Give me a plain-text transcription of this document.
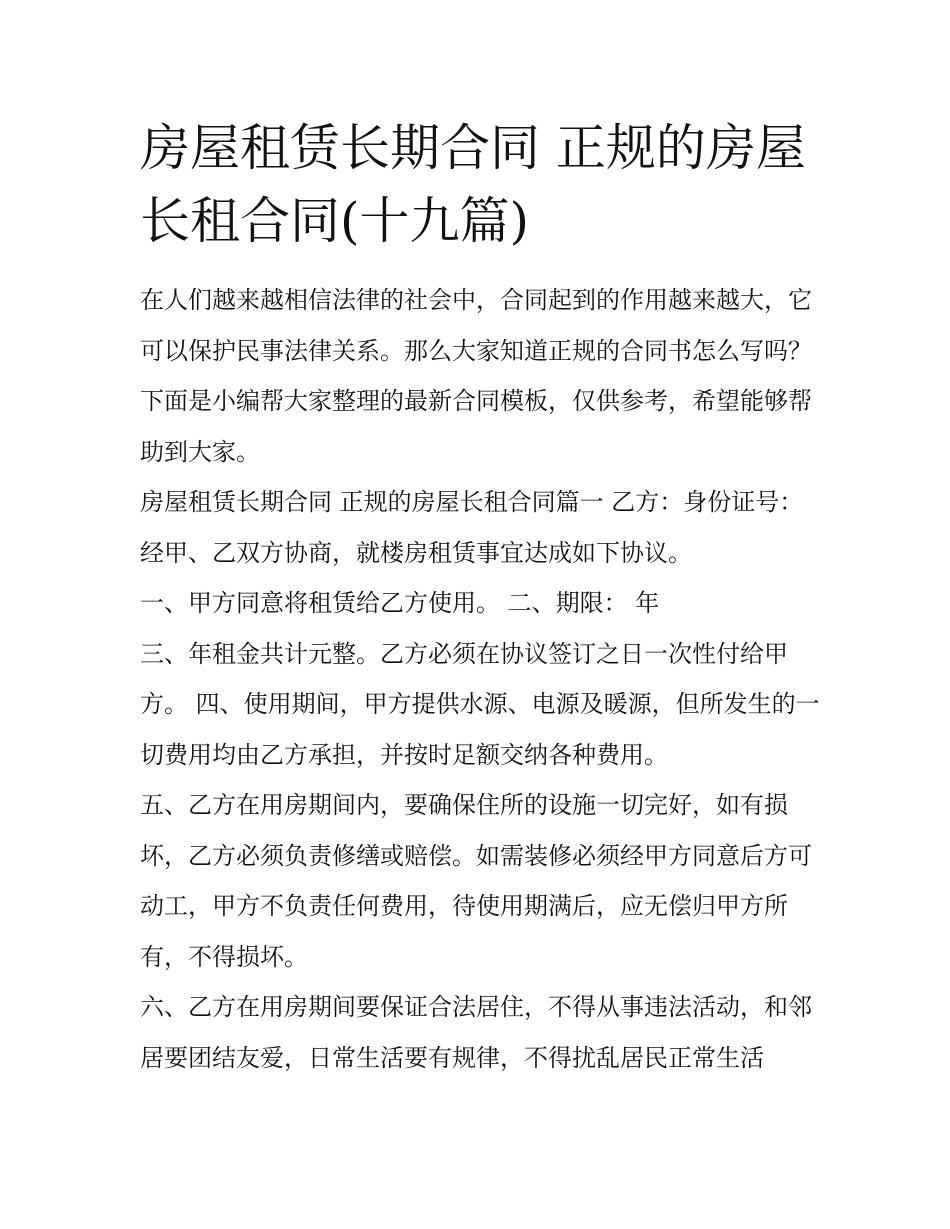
房屋租赁长期合同 正规的房屋长租合同(十九篇)

在人们越来越相信法律的社会中，合同起到的作用越来越大，它可以保护民事法律关系。那么大家知道正规的合同书怎么写吗？下面是小编帮大家整理的最新合同模板，仅供参考，希望能够帮助到大家。

房屋租赁长期合同 正规的房屋长租合同篇一 乙方：身份证号： 经甲、乙双方协商，就楼房租赁事宜达成如下协议。

一、甲方同意将租赁给乙方使用。 二、期限： 年

三、年租金共计元整。乙方必须在协议签订之日一次性付给甲方。 四、使用期间，甲方提供水源、电源及暖源，但所发生的一切费用均由乙方承担，并按时足额交纳各种费用。

五、乙方在用房期间内，要确保住所的设施一切完好，如有损坏，乙方必须负责修缮或赔偿。如需装修必须经甲方同意后方可动工，甲方不负责任何费用，待使用期满后，应无偿归甲方所有，不得损坏。

六、乙方在用房期间要保证合法居住，不得从事违法活动，和邻居要团结友爱，日常生活要有规律，不得扰乱居民正常生活
